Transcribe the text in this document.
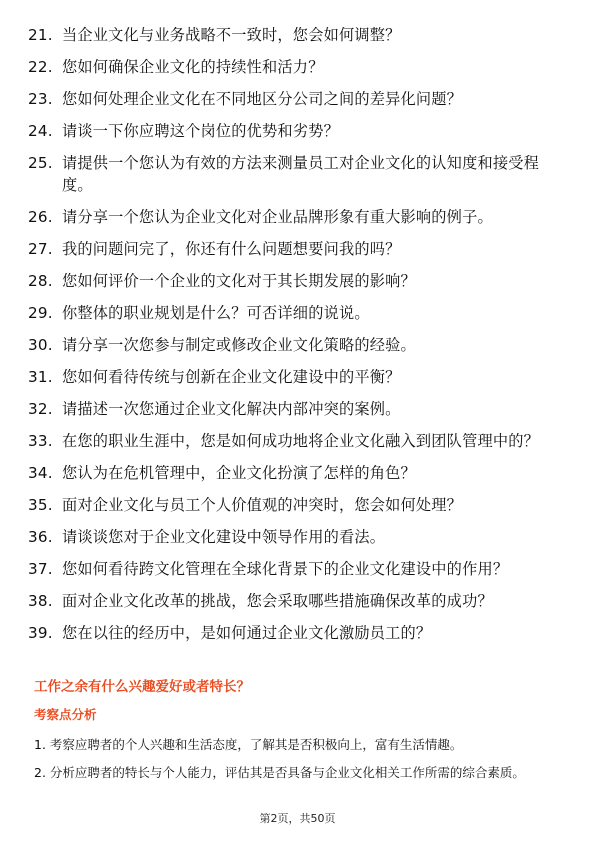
21. 当企业文化与业务战略不一致时，您会如何调整？
22. 您如何确保企业文化的持续性和活力？
23. 您如何处理企业文化在不同地区分公司之间的差异化问题？
24. 请谈一下你应聘这个岗位的优势和劣势？
25. 请提供一个您认为有效的方法来测量员工对企业文化的认知度和接受程度。
26. 请分享一个您认为企业文化对企业品牌形象有重大影响的例子。
27. 我的问题问完了，你还有什么问题想要问我的吗？
28. 您如何评价一个企业的文化对于其长期发展的影响？
29. 你整体的职业规划是什么？可否详细的说说。
30. 请分享一次您参与制定或修改企业文化策略的经验。
31. 您如何看待传统与创新在企业文化建设中的平衡？
32. 请描述一次您通过企业文化解决内部冲突的案例。
33. 在您的职业生涯中，您是如何成功地将企业文化融入到团队管理中的？
34. 您认为在危机管理中，企业文化扮演了怎样的角色？
35. 面对企业文化与员工个人价值观的冲突时，您会如何处理？
36. 请谈谈您对于企业文化建设中领导作用的看法。
37. 您如何看待跨文化管理在全球化背景下的企业文化建设中的作用？
38. 面对企业文化改革的挑战，您会采取哪些措施确保改革的成功？
39. 您在以往的经历中，是如何通过企业文化激励员工的？
工作之余有什么兴趣爱好或者特长？
考察点分析
1. 考察应聘者的个人兴趣和生活态度，了解其是否积极向上，富有生活情趣。
2. 分析应聘者的特长与个人能力，评估其是否具备与企业文化相关工作所需的综合素质。
第2页，共50页
